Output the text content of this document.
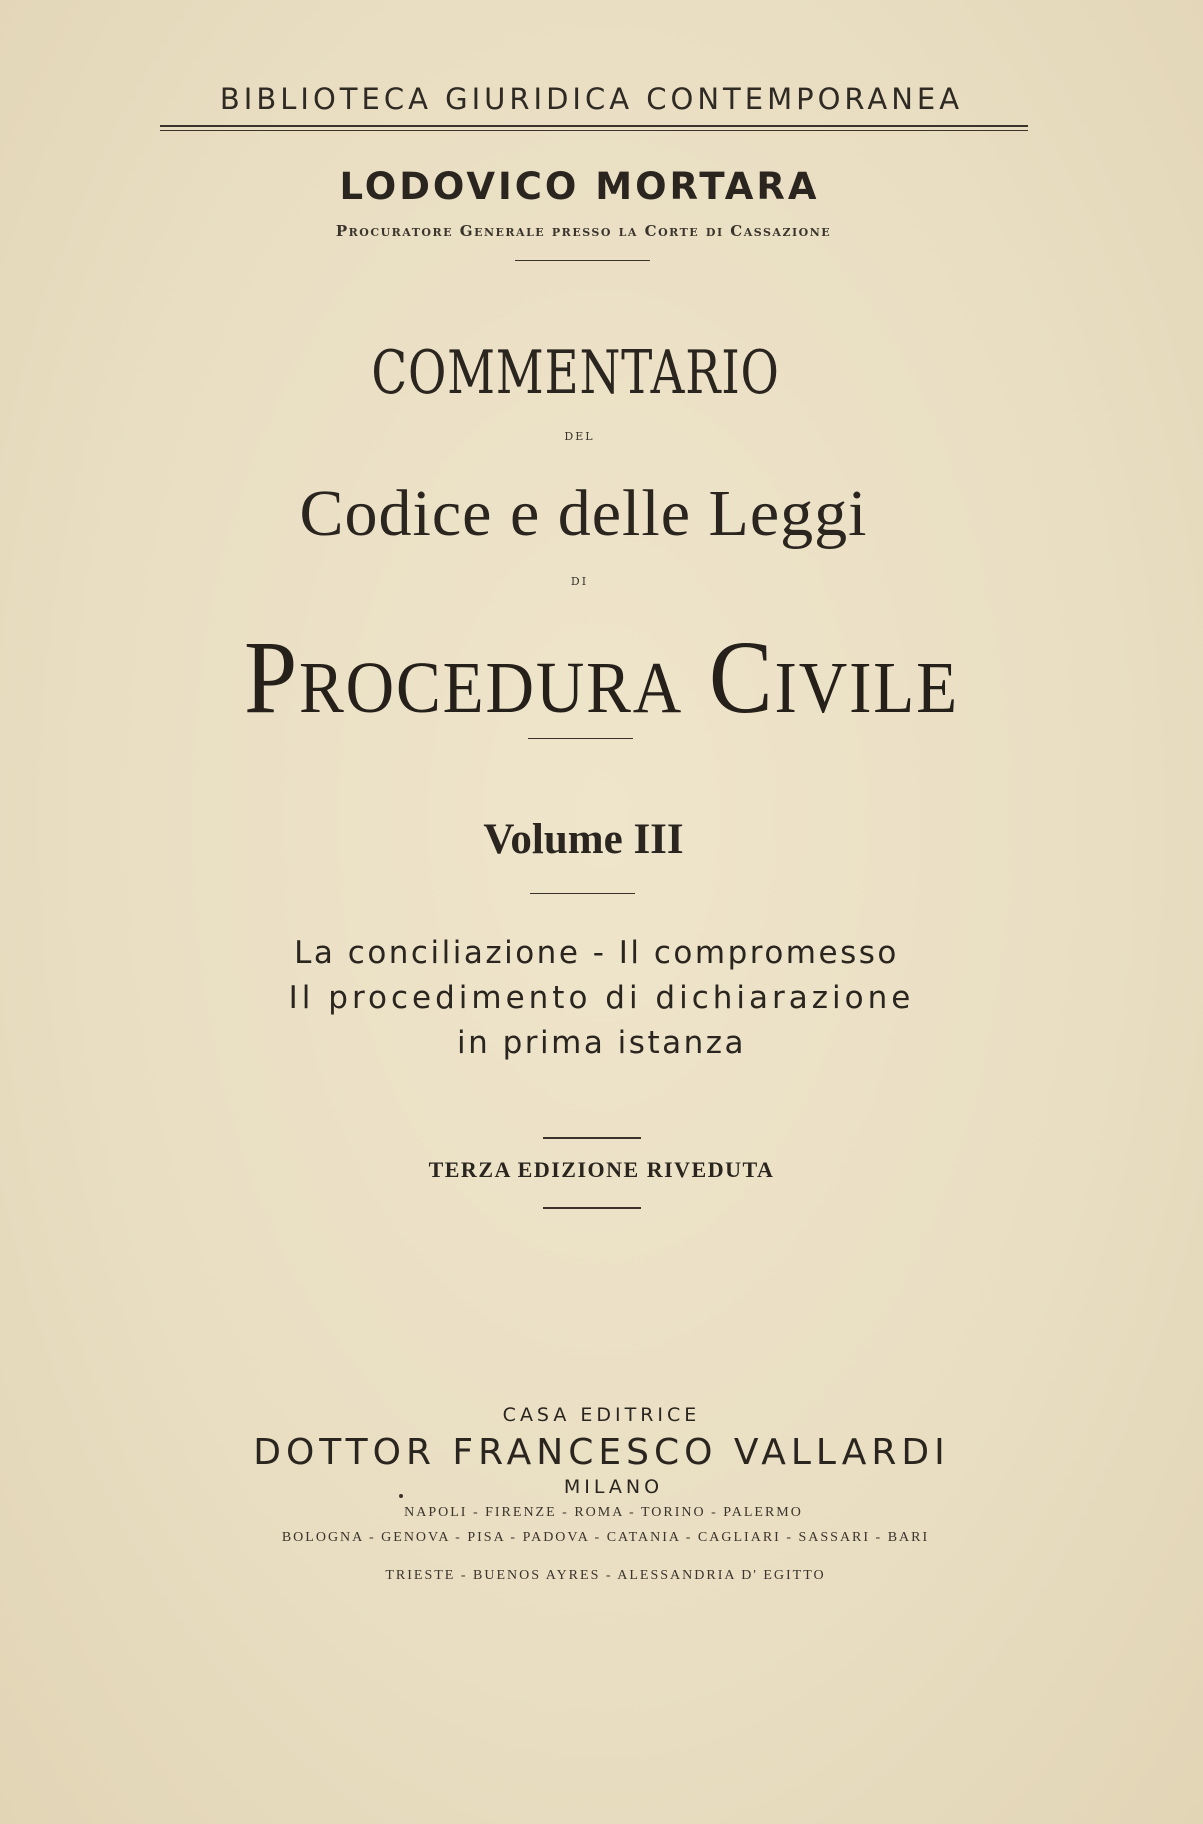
BIBLIOTECA GIURIDICA CONTEMPORANEA

LODOVICO MORTARA

Procuratore Generale presso la Corte di Cassazione

COMMENTARIO

DEL

Codice e delle Leggi

DI

Procedura Civile

Volume III

La conciliazione - Il compromesso

Il procedimento di dichiarazione

in prima istanza

TERZA EDIZIONE RIVEDUTA

CASA EDITRICE

DOTTOR FRANCESCO VALLARDI

MILANO

NAPOLI - FIRENZE - ROMA - TORINO - PALERMO

BOLOGNA - GENOVA - PISA - PADOVA - CATANIA - CAGLIARI - SASSARI - BARI

TRIESTE - BUENOS AYRES - ALESSANDRIA D' EGITTO
